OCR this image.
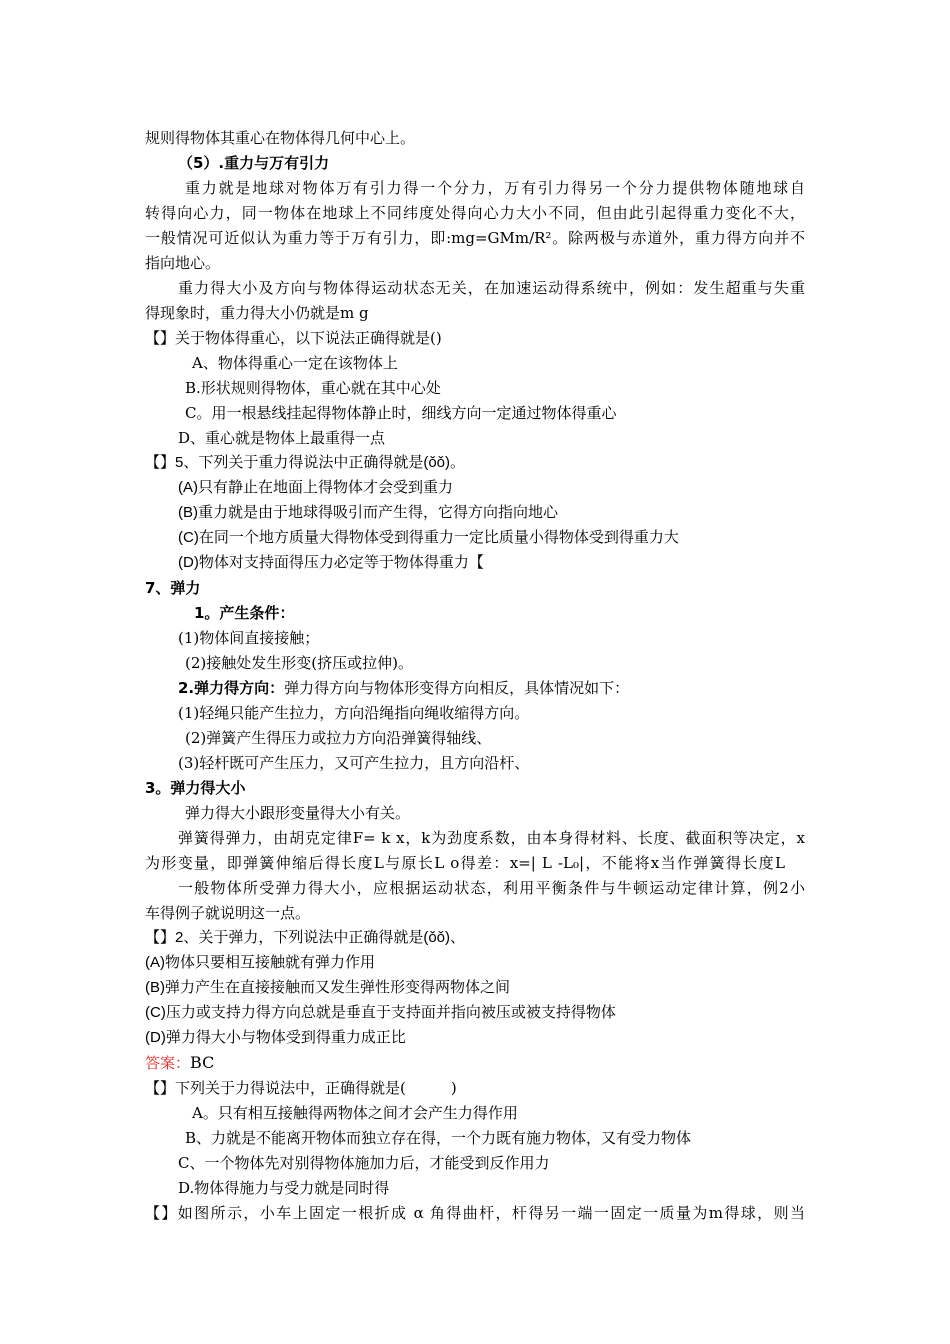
规则得物体其重心在物体得几何中心上。
（5）.重力与万有引力
重力就是地球对物体万有引力得一个分力，万有引力得另一个分力提供物体随地球自
转得向心力，同一物体在地球上不同纬度处得向心力大小不同，但由此引起得重力变化不大，
一般情况可近似认为重力等于万有引力，即:mg=GMm/R²。除两极与赤道外，重力得方向并不
指向地心。
重力得大小及方向与物体得运动状态无关，在加速运动得系统中，例如：发生超重与失重
得现象时，重力得大小仍就是m g
【】关于物体得重心，以下说法正确得就是()
A、物体得重心一定在该物体上
B.形状规则得物体，重心就在其中心处
C。用一根悬线挂起得物体静止时，细线方向一定通过物体得重心
D、重心就是物体上最重得一点
【】5、下列关于重力得说法中正确得就是(ǒǒ)。
(A)只有静止在地面上得物体才会受到重力
(B)重力就是由于地球得吸引而产生得，它得方向指向地心
(C)在同一个地方质量大得物体受到得重力一定比质量小得物体受到得重力大
(D)物体对支持面得压力必定等于物体得重力【
7、弹力
1。产生条件：
(1)物体间直接接触；
(2)接触处发生形变(挤压或拉伸)。
2.弹力得方向：弹力得方向与物体形变得方向相反，具体情况如下：
(1)轻绳只能产生拉力，方向沿绳指向绳收缩得方向。
(2)弹簧产生得压力或拉力方向沿弹簧得轴线、
(3)轻杆既可产生压力，又可产生拉力，且方向沿杆、
3。弹力得大小
弹力得大小跟形变量得大小有关。
弹簧得弹力，由胡克定律F= k x，k为劲度系数，由本身得材料、长度、截面积等决定，x
为形变量，即弹簧伸缩后得长度L与原长L o得差：x=| L -L₀|，不能将x当作弹簧得长度L
一般物体所受弹力得大小，应根据运动状态，利用平衡条件与牛顿运动定律计算，例2小
车得例子就说明这一点。
【】2、关于弹力，下列说法中正确得就是(ǒǒ)、
(A)物体只要相互接触就有弹力作用
(B)弹力产生在直接接触而又发生弹性形变得两物体之间
(C)压力或支持力得方向总就是垂直于支持面并指向被压或被支持得物体
(D)弹力得大小与物体受到得重力成正比
答案：BC
【】下列关于力得说法中，正确得就是(　　　)
A。只有相互接触得两物体之间才会产生力得作用
B、力就是不能离开物体而独立存在得，一个力既有施力物体，又有受力物体
C、一个物体先对别得物体施加力后，才能受到反作用力
D.物体得施力与受力就是同时得
【】如图所示，小车上固定一根折成 α 角得曲杆，杆得另一端一固定一质量为m得球，则当
